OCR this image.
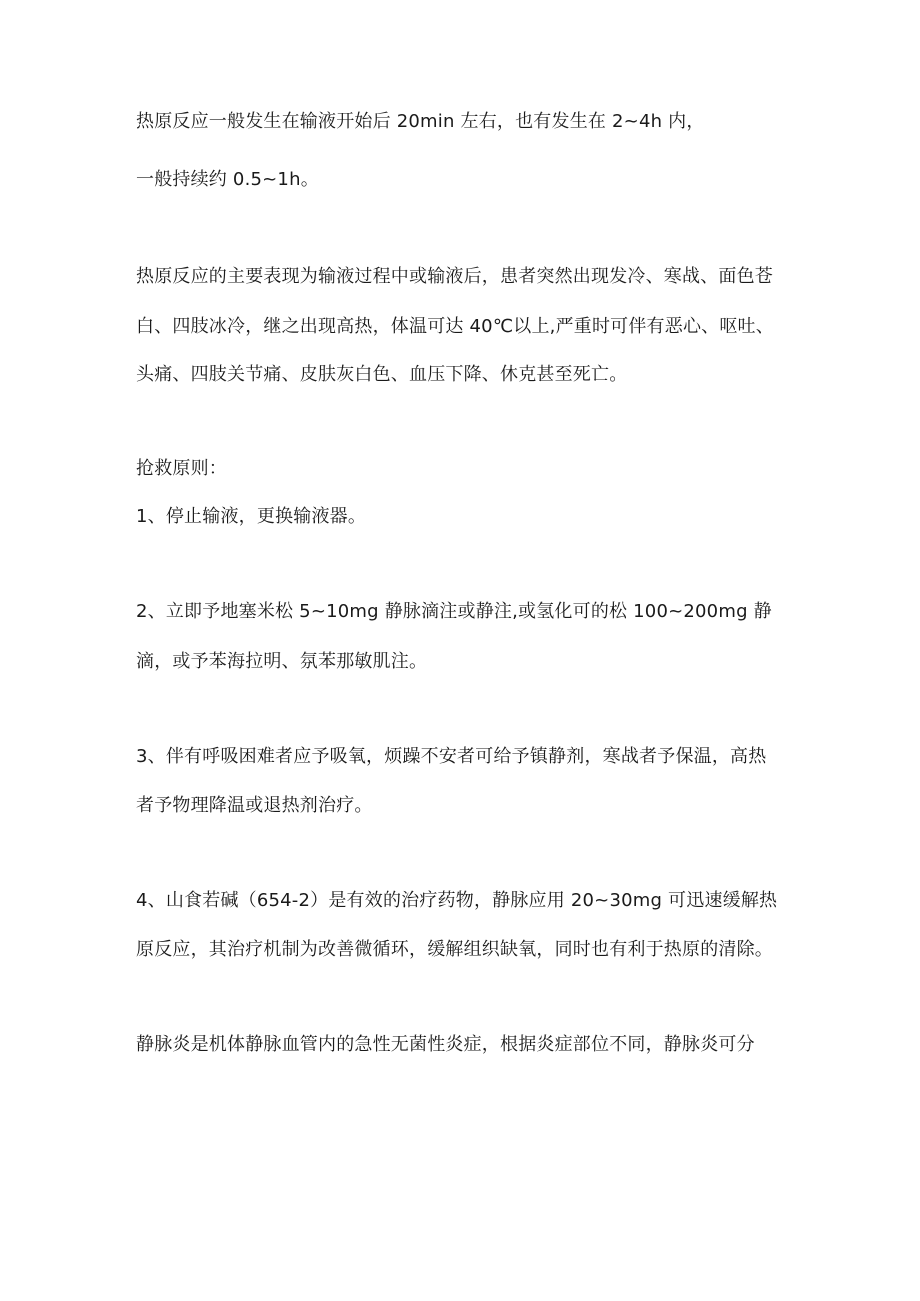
热原反应一般发生在输液开始后 20min 左右，也有发生在 2~4h 内，
一般持续约 0.5~1h。
热原反应的主要表现为输液过程中或输液后，患者突然出现发冷、寒战、面色苍
白、四肢冰冷，继之出现高热，体温可达 40℃以上,严重时可伴有恶心、呕吐、
头痛、四肢关节痛、皮肤灰白色、血压下降、休克甚至死亡。
抢救原则：
1、停止输液，更换输液器。
2、立即予地塞米松 5~10mg 静脉滴注或静注,或氢化可的松 100~200mg 静
滴，或予苯海拉明、氛苯那敏肌注。
3、伴有呼吸困难者应予吸氧，烦躁不安者可给予镇静剂，寒战者予保温，高热
者予物理降温或退热剂治疗。
4、山食若碱（654-2）是有效的治疗药物，静脉应用 20~30mg 可迅速缓解热
原反应，其治疗机制为改善微循环，缓解组织缺氧，同时也有利于热原的清除。
静脉炎是机体静脉血管内的急性无菌性炎症，根据炎症部位不同，静脉炎可分
